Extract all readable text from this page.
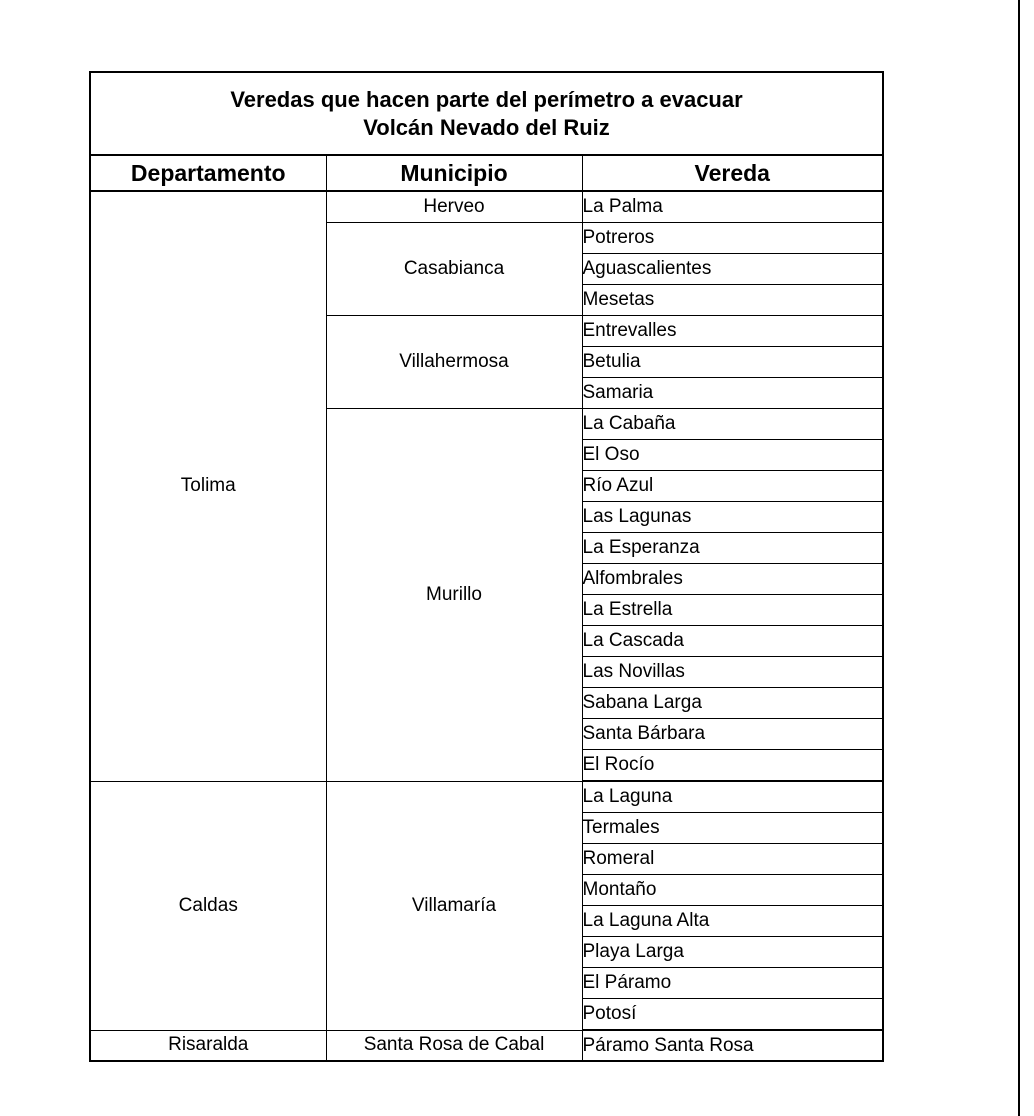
Veredas que hacen parte del perímetro a evacuar
Volcán Nevado del Ruiz		

Departamento	Municipio	Vereda
Tolima	Herveo	La Palma
	Casabianca	Potreros
		Aguascalientes
		Mesetas
	Villahermosa	Entrevalles
		Betulia
		Samaria
	Murillo	La Cabaña
		El Oso
		Río Azul
		Las Lagunas
		La Esperanza
		Alfombrales
		La Estrella
		La Cascada
		Las Novillas
		Sabana Larga
		Santa Bárbara
		El Rocío
Caldas	Villamaría	La Laguna
		Termales
		Romeral
		Montaño
		La Laguna Alta
		Playa Larga
		El Páramo
		Potosí
Risaralda	Santa Rosa de Cabal	Páramo Santa Rosa
